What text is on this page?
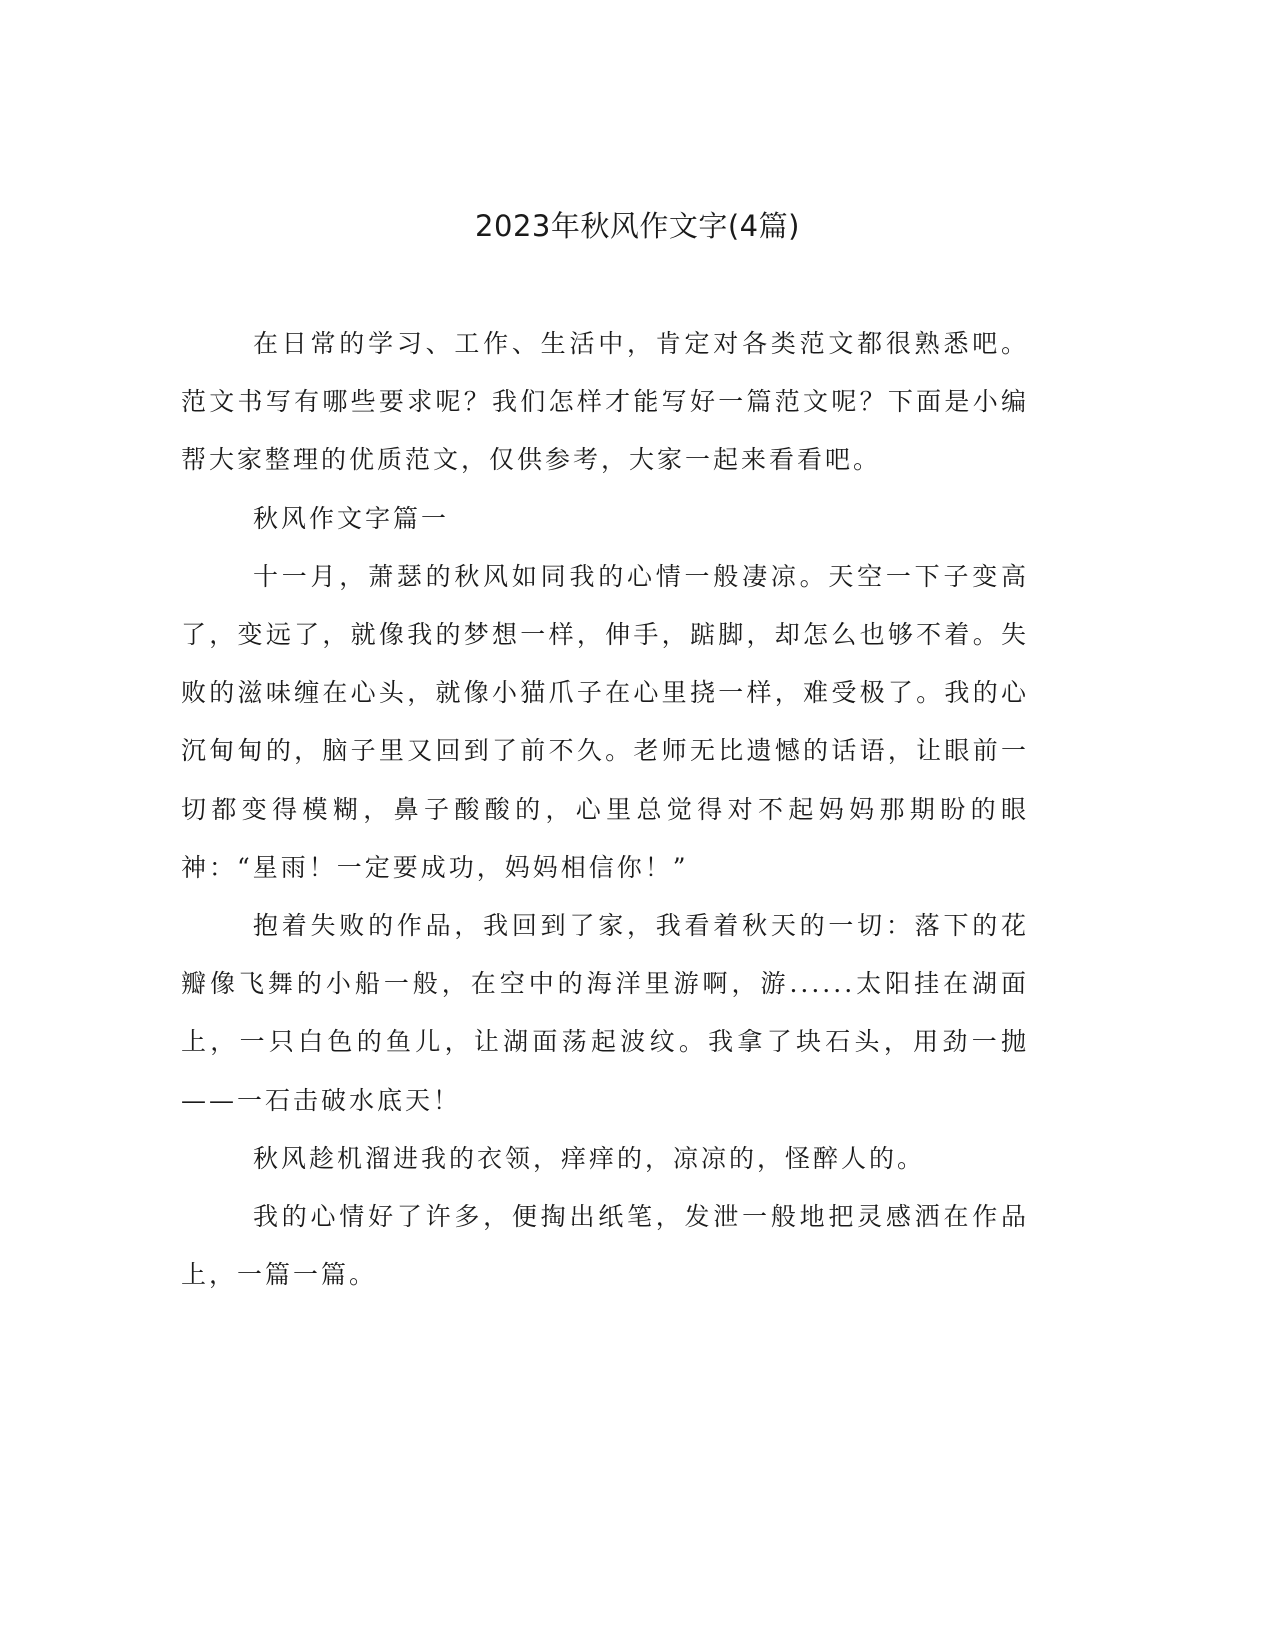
2023年秋风作文字(4篇)

在日常的学习、工作、生活中，肯定对各类范文都很熟悉吧。范文书写有哪些要求呢？我们怎样才能写好一篇范文呢？下面是小编帮大家整理的优质范文，仅供参考，大家一起来看看吧。

秋风作文字篇一

十一月，萧瑟的秋风如同我的心情一般凄凉。天空一下子变高了，变远了，就像我的梦想一样，伸手，踮脚，却怎么也够不着。失败的滋味缠在心头，就像小猫爪子在心里挠一样，难受极了。我的心沉甸甸的，脑子里又回到了前不久。老师无比遗憾的话语，让眼前一切都变得模糊，鼻子酸酸的，心里总觉得对不起妈妈那期盼的眼神：“星雨！一定要成功，妈妈相信你！”

抱着失败的作品，我回到了家，我看着秋天的一切：落下的花瓣像飞舞的小船一般，在空中的海洋里游啊，游......太阳挂在湖面上，一只白色的鱼儿，让湖面荡起波纹。我拿了块石头，用劲一抛——一石击破水底天！

秋风趁机溜进我的衣领，痒痒的，凉凉的，怪醉人的。

我的心情好了许多，便掏出纸笔，发泄一般地把灵感洒在作品上，一篇一篇。
